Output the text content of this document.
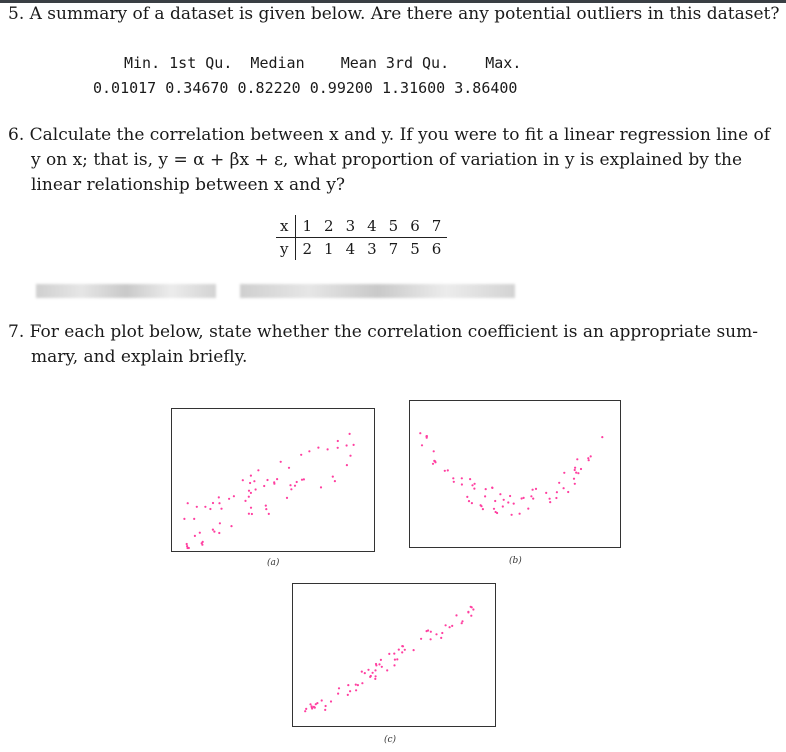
5. A summary of a dataset is given below. Are there any potential outliers in this dataset?
Min. 1st Qu.  Median    Mean 3rd Qu.    Max.
0.01017 0.34670 0.82220 0.99200 1.31600 3.86400
6. Calculate the correlation between x and y. If you were to fit a linear regression line of
y on x; that is, y = α + βx + ε, what proportion of variation in y is explained by the
linear relationship between x and y?
x	1	2	3	4	5	6	7
y	2	1	4	3	7	5	6
7. For each plot below, state whether the correlation coefficient is an appropriate sum-
mary, and explain briefly.
(a)	(b)
(c)
